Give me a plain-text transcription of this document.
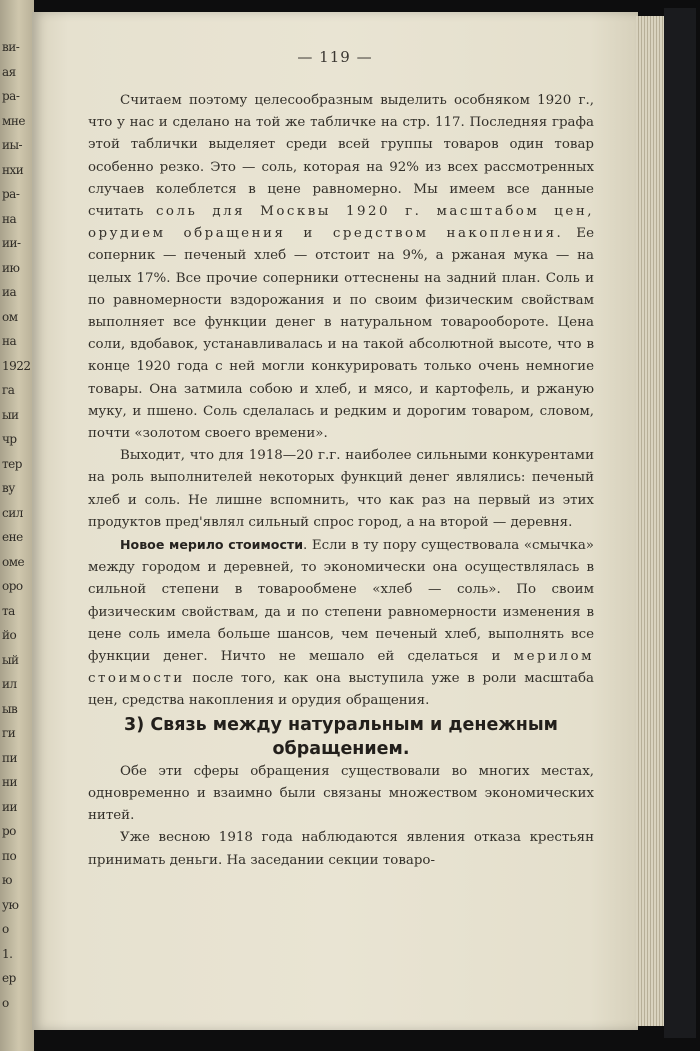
ви-
ая
ра-
мне
иы-
нхи
ра-
на
ии-
ию
иа
ом
на
1922
га
ыи
чр
тер
ву
сил
ене
оме
оро
та
йо
ый
ил
ыв
ги
пи
ни
ии
ро
по
ю
ую
о
1.
ер
о
— 119 —

Считаем поэтому целесообразным выделить особняком 1920 г., что у нас и сделано на той же табличке на стр. 117. Последняя графа этой таблички выделяет среди всей группы товаров один товар особенно резко. Это — соль, которая на 92% из всех рассмотренных случаев колеблется в цене равномерно. Мы имеем все данные считать соль для Москвы 1920 г. масштабом цен, орудием обращения и средством накопления. Ее соперник — печеный хлеб — отстоит на 9%, а ржаная мука — на целых 17%. Все прочие соперники оттеснены на задний план. Соль и по равномерности вздорожания и по своим физическим свойствам выполняет все функции денег в натуральном товарообороте. Цена соли, вдобавок, устанавливалась и на такой абсолютной высоте, что в конце 1920 года с ней могли конкурировать только очень немногие товары. Она затмила собою и хлеб, и мясо, и картофель, и ржаную муку, и пшено. Соль сделалась и редким и дорогим товаром, словом, почти «золотом своего времени».

Выходит, что для 1918—20 г.г. наиболее сильными конкурентами на роль выполнителей некоторых функций денег являлись: печеный хлеб и соль. Не лишне вспомнить, что как раз на первый из этих продуктов пред'являл сильный спрос город, а на второй — деревня.

Новое мерило стоимости. Если в ту пору существовала «смычка» между городом и деревней, то экономически она осуществлялась в сильной степени в товарообмене «хлеб — соль». По своим физическим свойствам, да и по степени равномерности изменения в цене соль имела больше шансов, чем печеный хлеб, выполнять все функции денег. Ничто не мешало ей сделаться и мерилом стоимости после того, как она выступила уже в роли масштаба цен, средства накопления и орудия обращения.

3) Связь между натуральным и денежным обращением.

Обе эти сферы обращения существовали во многих местах, одновременно и взаимно были связаны множеством экономических нитей.

Уже весною 1918 года наблюдаются явления отказа крестьян принимать деньги. На заседании секции товаро-
